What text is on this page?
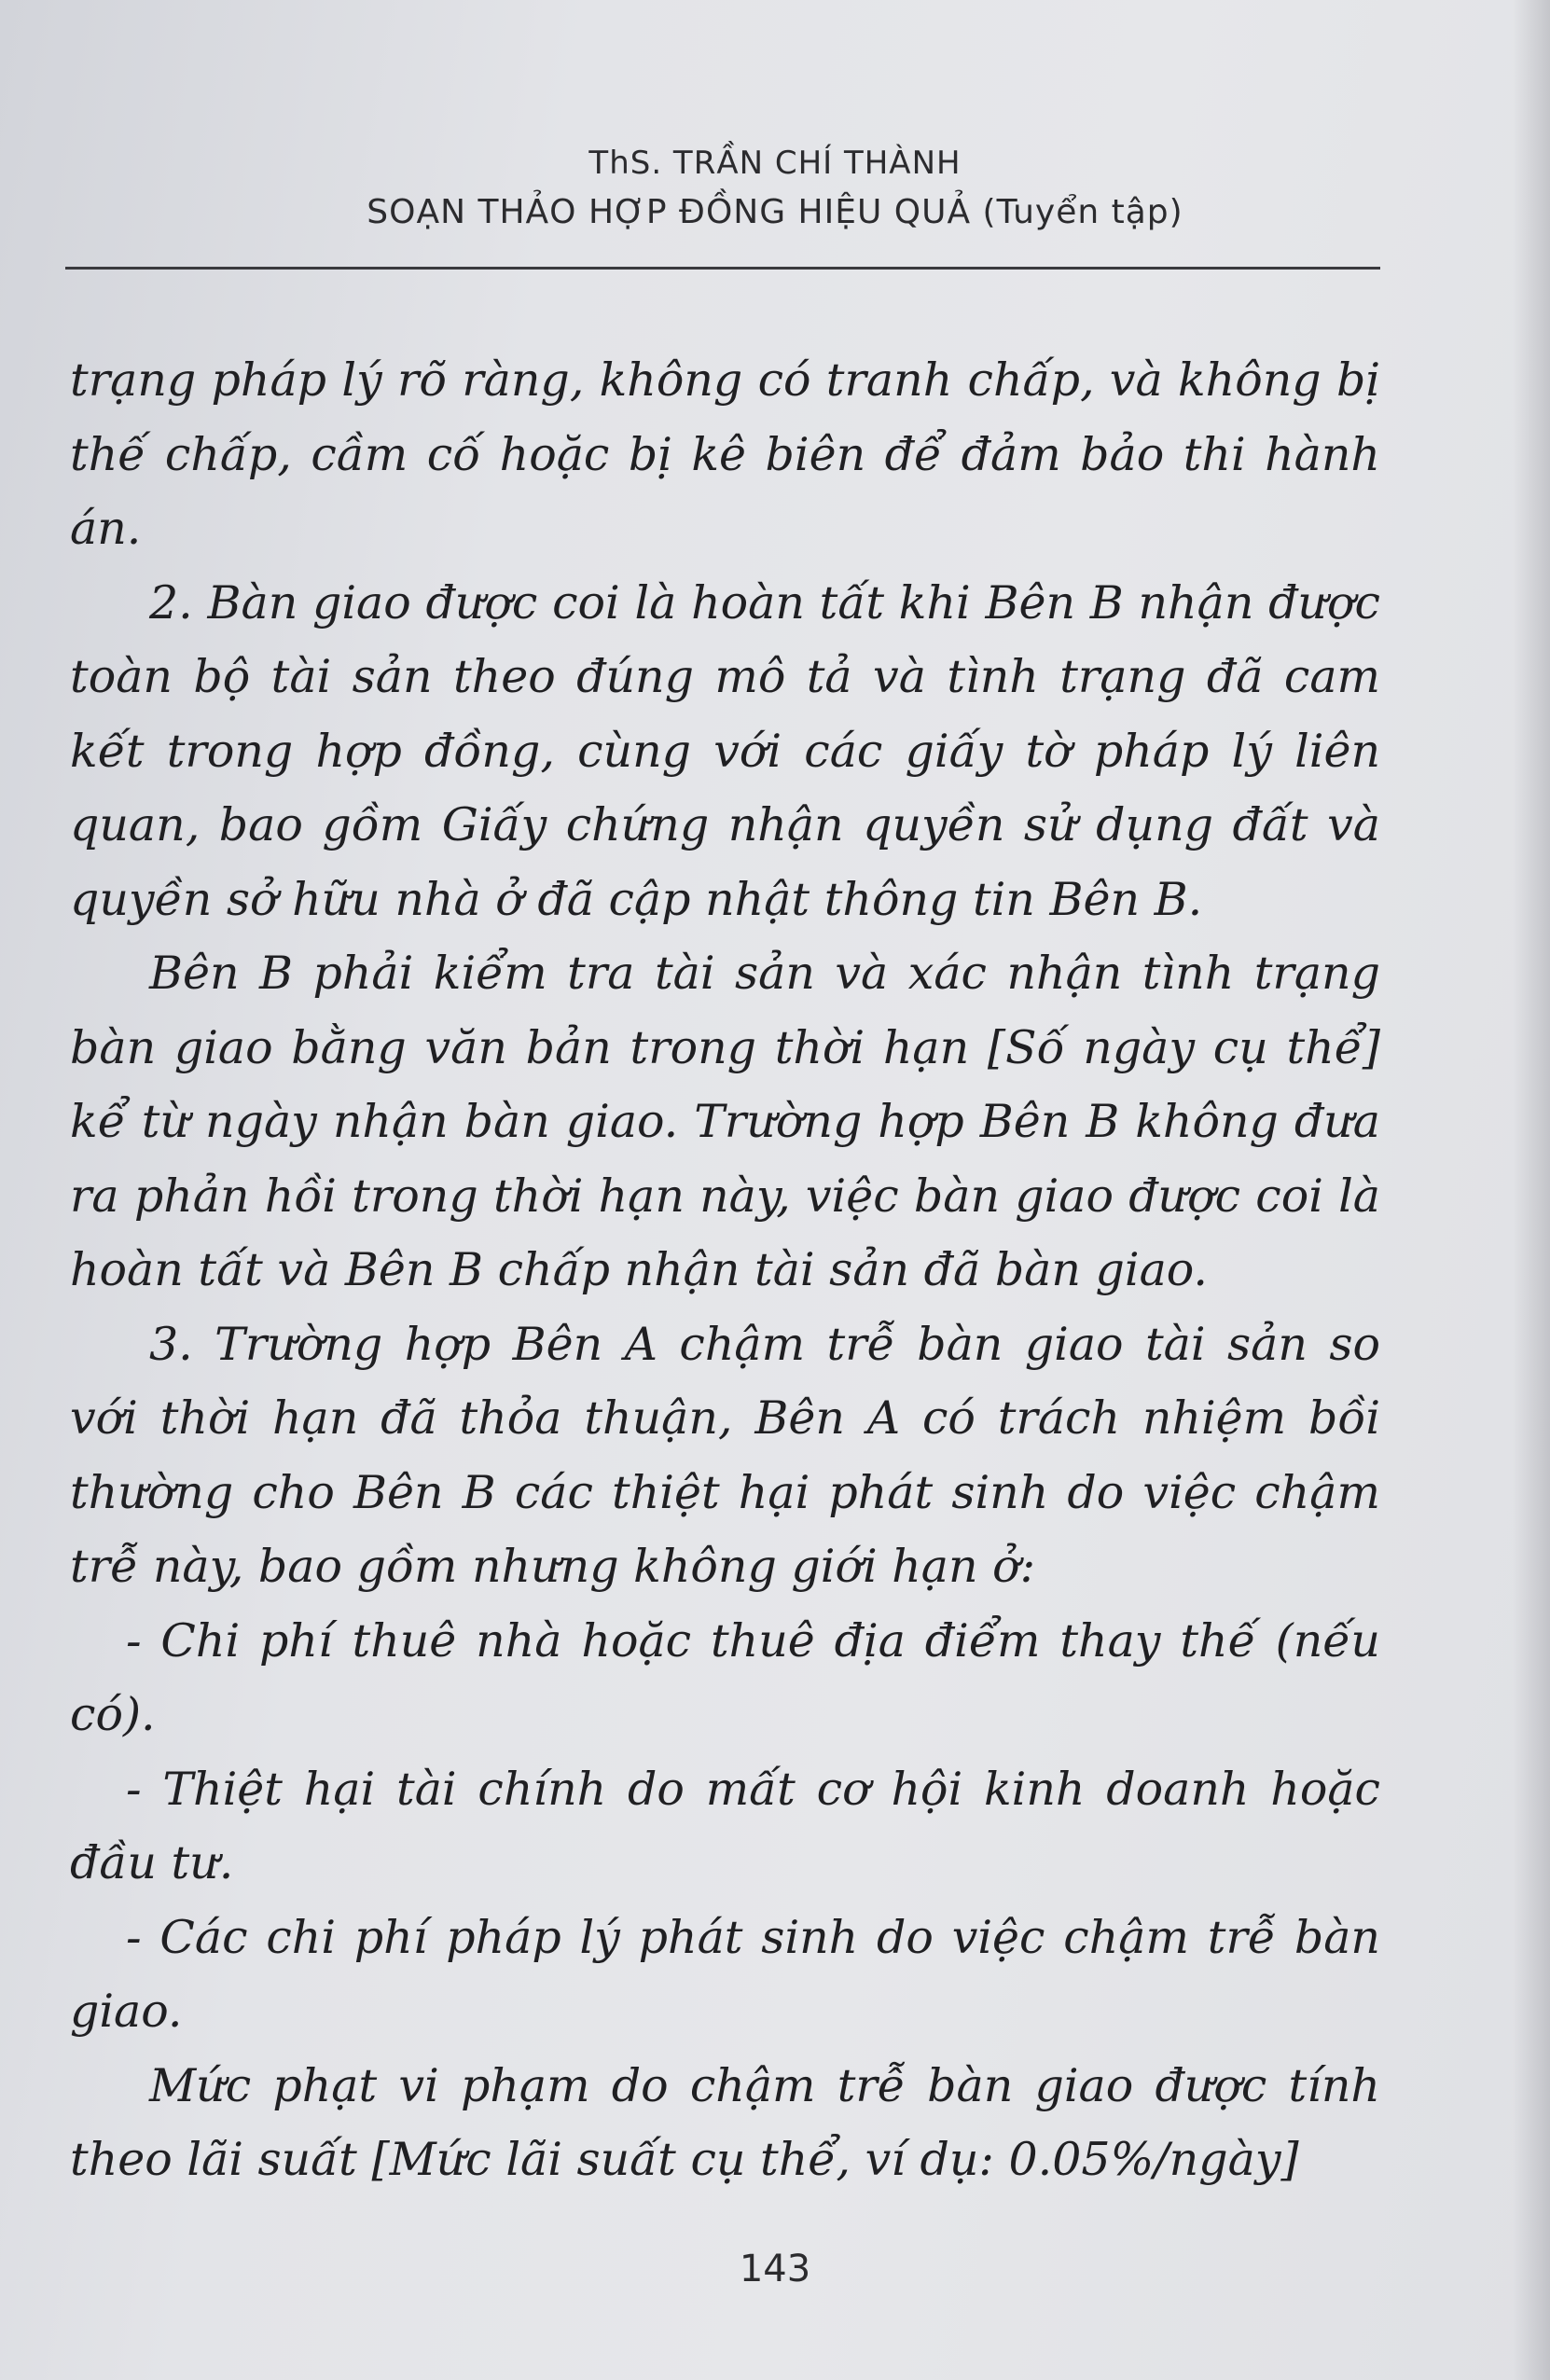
ThS. TRẦN CHÍ THÀNH
SOẠN THẢO HỢP ĐỒNG HIỆU QUẢ (Tuyển tập)

trạng pháp lý rõ ràng, không có tranh chấp, và không bị thế chấp, cầm cố hoặc bị kê biên để đảm bảo thi hành án.

2. Bàn giao được coi là hoàn tất khi Bên B nhận được toàn bộ tài sản theo đúng mô tả và tình trạng đã cam kết trong hợp đồng, cùng với các giấy tờ pháp lý liên quan, bao gồm Giấy chứng nhận quyền sử dụng đất và quyền sở hữu nhà ở đã cập nhật thông tin Bên B.

Bên B phải kiểm tra tài sản và xác nhận tình trạng bàn giao bằng văn bản trong thời hạn [Số ngày cụ thể] kể từ ngày nhận bàn giao. Trường hợp Bên B không đưa ra phản hồi trong thời hạn này, việc bàn giao được coi là hoàn tất và Bên B chấp nhận tài sản đã bàn giao.

3. Trường hợp Bên A chậm trễ bàn giao tài sản so với thời hạn đã thỏa thuận, Bên A có trách nhiệm bồi thường cho Bên B các thiệt hại phát sinh do việc chậm trễ này, bao gồm nhưng không giới hạn ở:

- Chi phí thuê nhà hoặc thuê địa điểm thay thế (nếu có).

- Thiệt hại tài chính do mất cơ hội kinh doanh hoặc đầu tư.

- Các chi phí pháp lý phát sinh do việc chậm trễ bàn giao.

Mức phạt vi phạm do chậm trễ bàn giao được tính theo lãi suất [Mức lãi suất cụ thể, ví dụ: 0.05%/ngày]

143
